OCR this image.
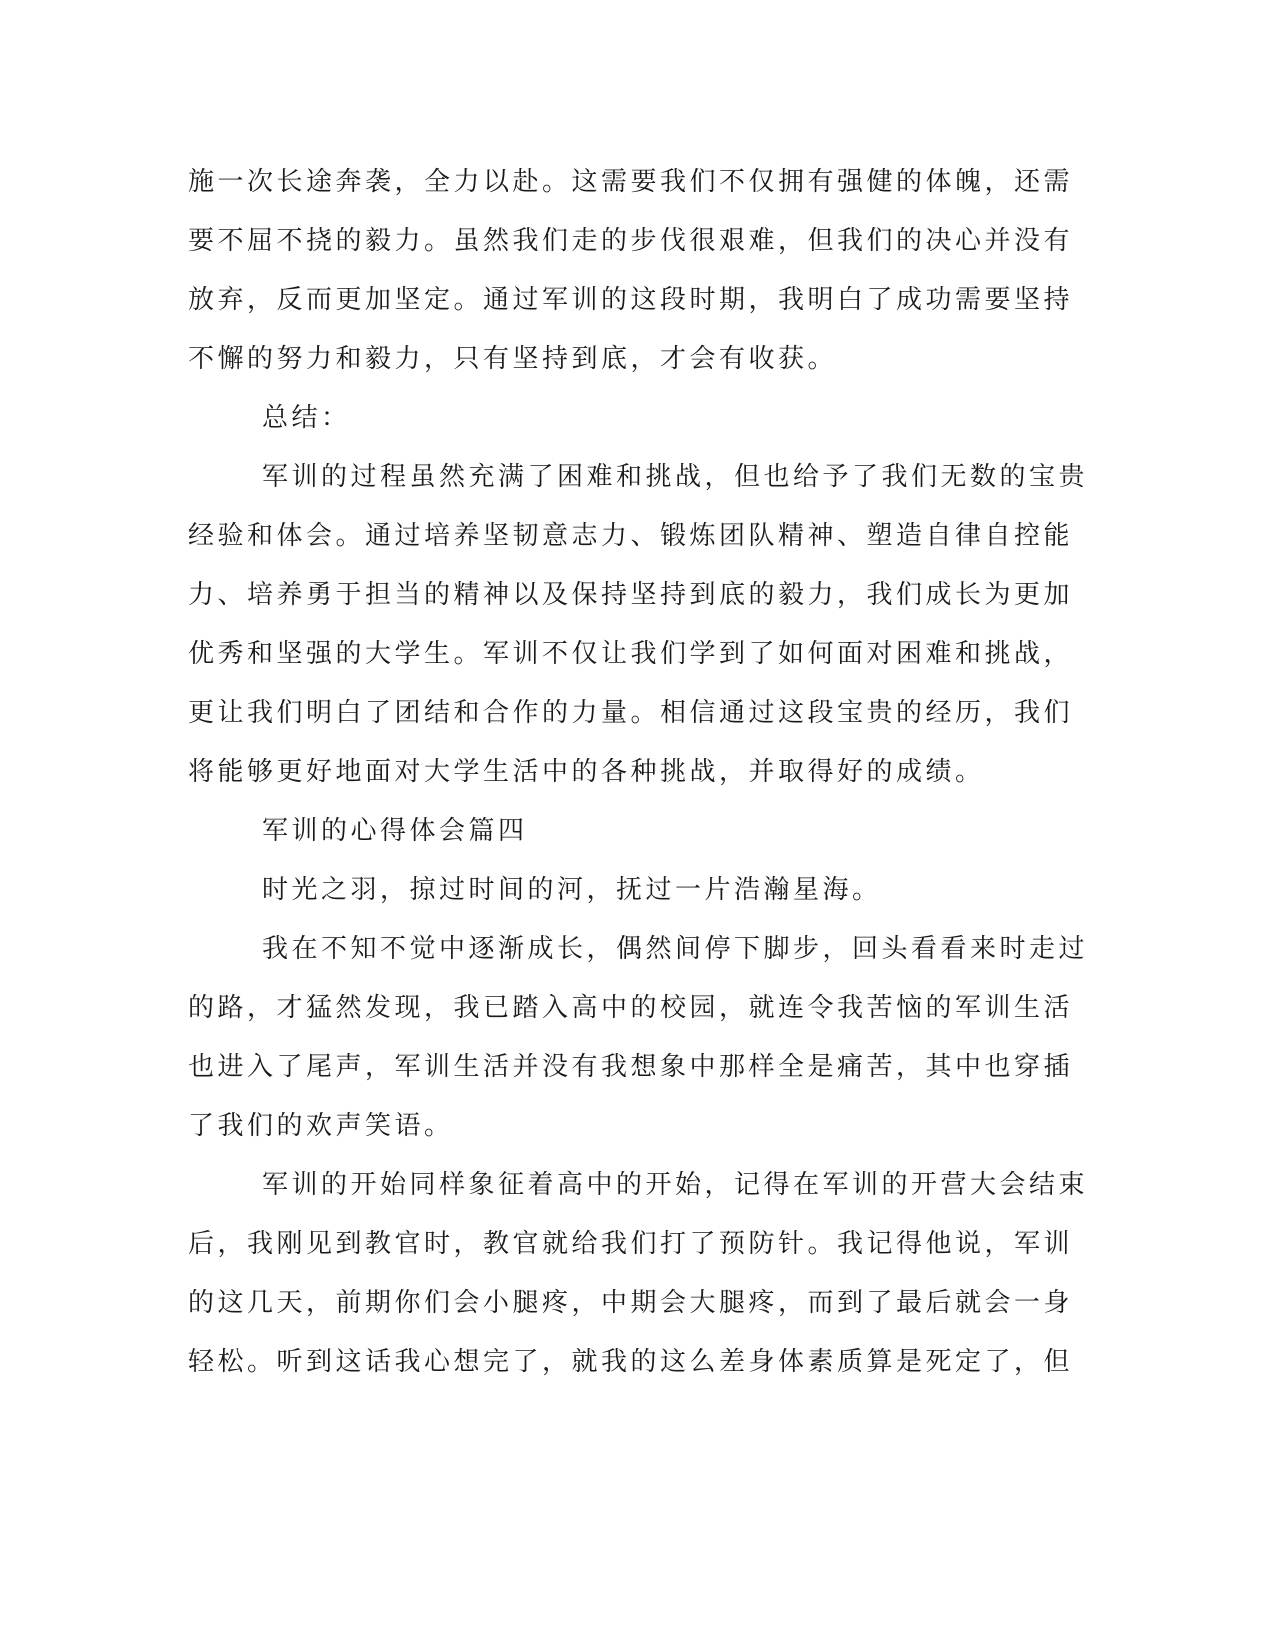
施一次长途奔袭，全力以赴。这需要我们不仅拥有强健的体魄，还需

要不屈不挠的毅力。虽然我们走的步伐很艰难，但我们的决心并没有

放弃，反而更加坚定。通过军训的这段时期，我明白了成功需要坚持

不懈的努力和毅力，只有坚持到底，才会有收获。

总结：

军训的过程虽然充满了困难和挑战，但也给予了我们无数的宝贵

经验和体会。通过培养坚韧意志力、锻炼团队精神、塑造自律自控能

力、培养勇于担当的精神以及保持坚持到底的毅力，我们成长为更加

优秀和坚强的大学生。军训不仅让我们学到了如何面对困难和挑战，

更让我们明白了团结和合作的力量。相信通过这段宝贵的经历，我们

将能够更好地面对大学生活中的各种挑战，并取得好的成绩。

军训的心得体会篇四

时光之羽，掠过时间的河，抚过一片浩瀚星海。

我在不知不觉中逐渐成长，偶然间停下脚步，回头看看来时走过

的路，才猛然发现，我已踏入高中的校园，就连令我苦恼的军训生活

也进入了尾声，军训生活并没有我想象中那样全是痛苦，其中也穿插

了我们的欢声笑语。

军训的开始同样象征着高中的开始，记得在军训的开营大会结束

后，我刚见到教官时，教官就给我们打了预防针。我记得他说，军训

的这几天，前期你们会小腿疼，中期会大腿疼，而到了最后就会一身

轻松。听到这话我心想完了，就我的这么差身体素质算是死定了，但
